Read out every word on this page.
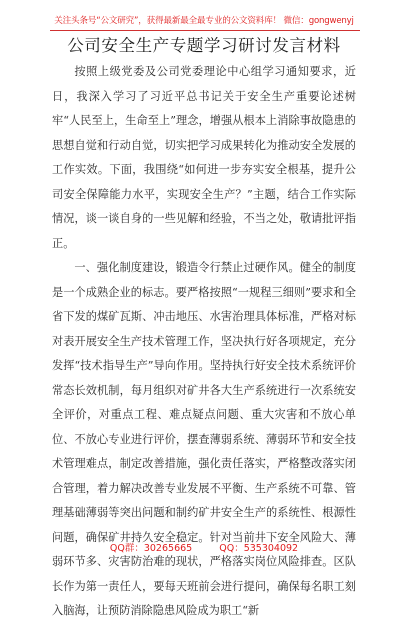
关注头条号“公文研究”，获得最新最全最专业的公文资料库！ 微信：gongwenyj
公司安全生产专题学习研讨发言材料

按照上级党委及公司党委理论中心组学习通知要求，近日，我深入学习了习近平总书记关于安全生产重要论述树牢“人民至上，生命至上”理念，增强从根本上消除事故隐患的思想自觉和行动自觉，切实把学习成果转化为推动安全发展的工作实效。下面，我围绕“如何进一步夯实安全根基，提升公司安全保障能力水平，实现安全生产？”主题，结合工作实际情况，谈一谈自身的一些见解和经验，不当之处，敬请批评指正。

一、强化制度建设，锻造令行禁止过硬作风。健全的制度是一个成熟企业的标志。要严格按照“一规程三细则”要求和全省下发的煤矿瓦斯、冲击地压、水害治理具体标准，严格对标对表开展安全生产技术管理工作，坚决执行好各项规定，充分发挥“技术指导生产”导向作用。坚持执行好安全技术系统评价常态长效机制，每月组织对矿井各大生产系统进行一次系统安全评价，对重点工程、难点疑点问题、重大灾害和不放心单位、不放心专业进行评价，摆查薄弱系统、薄弱环节和安全技术管理难点，制定改善措施，强化责任落实，严格整改落实闭合管理，着力解决改善专业发展不平衡、生产系统不可靠、管理基础薄弱等突出问题和制约矿井安全生产的系统性、根源性问题，确保矿井持久安全稳定。针对当前井下安全风险大、薄弱环节多、灾害防治难的现状，严格落实岗位风险排查。区队长作为第一责任人，要每天班前会进行提问，确保每名职工刻入脑海，让预防消除隐患风险成为职工“新

QQ群：30265665	QQ：535304092
